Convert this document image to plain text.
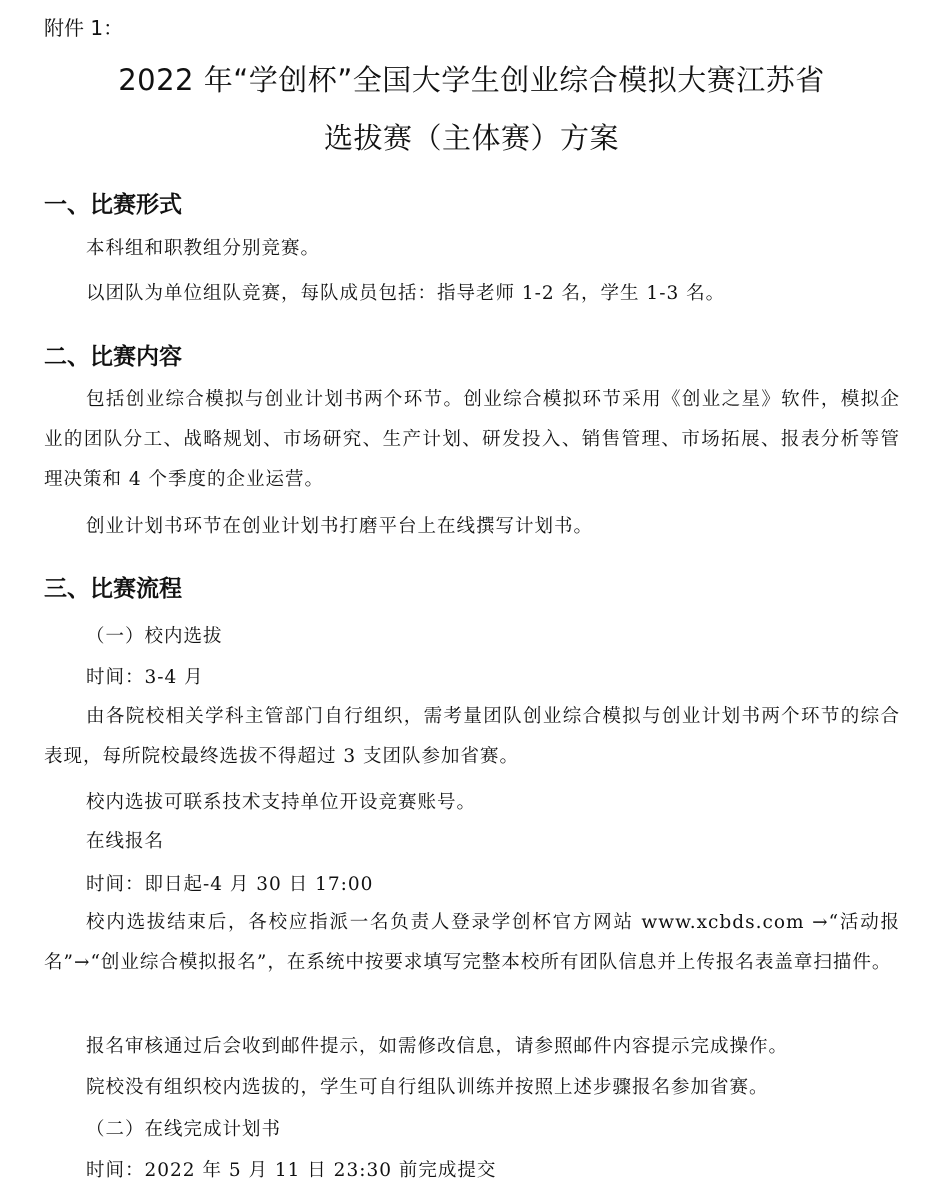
附件 1：
2022 年“学创杯”全国大学生创业综合模拟大赛江苏省
选拔赛（主体赛）方案
一、比赛形式
本科组和职教组分别竞赛。
以团队为单位组队竞赛，每队成员包括：指导老师 1-2 名，学生 1-3 名。
二、比赛内容
包括创业综合模拟与创业计划书两个环节。创业综合模拟环节采用《创业之星》软件，模拟企业的团队分工、战略规划、市场研究、生产计划、研发投入、销售管理、市场拓展、报表分析等管理决策和 4 个季度的企业运营。
创业计划书环节在创业计划书打磨平台上在线撰写计划书。
三、比赛流程
（一）校内选拔
时间：3-4 月
由各院校相关学科主管部门自行组织，需考量团队创业综合模拟与创业计划书两个环节的综合表现，每所院校最终选拔不得超过 3 支团队参加省赛。
校内选拔可联系技术支持单位开设竞赛账号。
在线报名
时间：即日起-4 月 30 日 17:00
校内选拔结束后，各校应指派一名负责人登录学创杯官方网站 www.xcbds.com →“活动报名”→“创业综合模拟报名”，在系统中按要求填写完整本校所有团队信息并上传报名表盖章扫描件。
报名审核通过后会收到邮件提示，如需修改信息，请参照邮件内容提示完成操作。
院校没有组织校内选拔的，学生可自行组队训练并按照上述步骤报名参加省赛。
（二）在线完成计划书
时间：2022 年 5 月 11 日 23:30 前完成提交
